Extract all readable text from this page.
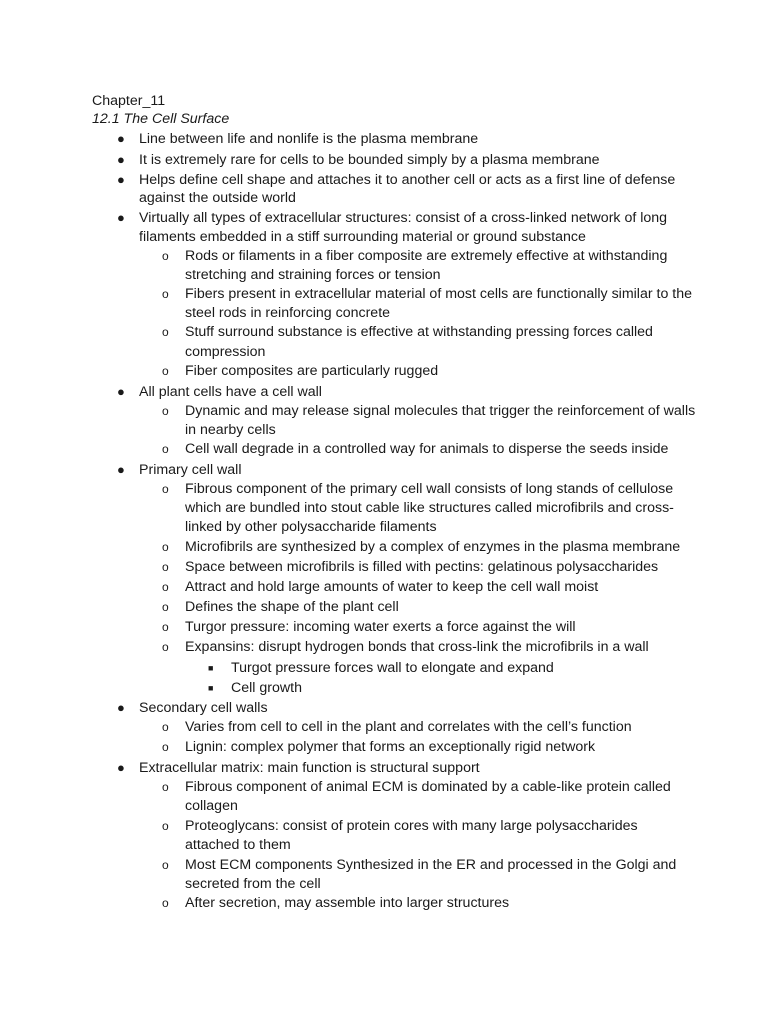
Chapter_11
12.1 The Cell Surface
● Line between life and nonlife is the plasma membrane
● It is extremely rare for cells to be bounded simply by a plasma membrane
● Helps define cell shape and attaches it to another cell or acts as a first line of defense
against the outside world
● Virtually all types of extracellular structures: consist of a cross-linked network of long
filaments embedded in a stiff surrounding material or ground substance
o Rods or filaments in a fiber composite are extremely effective at withstanding
stretching and straining forces or tension
o Fibers present in extracellular material of most cells are functionally similar to the
steel rods in reinforcing concrete
o Stuff surround substance is effective at withstanding pressing forces called
compression
o Fiber composites are particularly rugged
● All plant cells have a cell wall
o Dynamic and may release signal molecules that trigger the reinforcement of walls
in nearby cells
o Cell wall degrade in a controlled way for animals to disperse the seeds inside
● Primary cell wall
o Fibrous component of the primary cell wall consists of long stands of cellulose
which are bundled into stout cable like structures called microfibrils and cross-
linked by other polysaccharide filaments
o Microfibrils are synthesized by a complex of enzymes in the plasma membrane
o Space between microfibrils is filled with pectins: gelatinous polysaccharides
o Attract and hold large amounts of water to keep the cell wall moist
o Defines the shape of the plant cell
o Turgor pressure: incoming water exerts a force against the will
o Expansins: disrupt hydrogen bonds that cross-link the microfibrils in a wall
■ Turgot pressure forces wall to elongate and expand
■ Cell growth
● Secondary cell walls
o Varies from cell to cell in the plant and correlates with the cell’s function
o Lignin: complex polymer that forms an exceptionally rigid network
● Extracellular matrix: main function is structural support
o Fibrous component of animal ECM is dominated by a cable-like protein called
collagen
o Proteoglycans: consist of protein cores with many large polysaccharides
attached to them
o Most ECM components Synthesized in the ER and processed in the Golgi and
secreted from the cell
o After secretion, may assemble into larger structures
